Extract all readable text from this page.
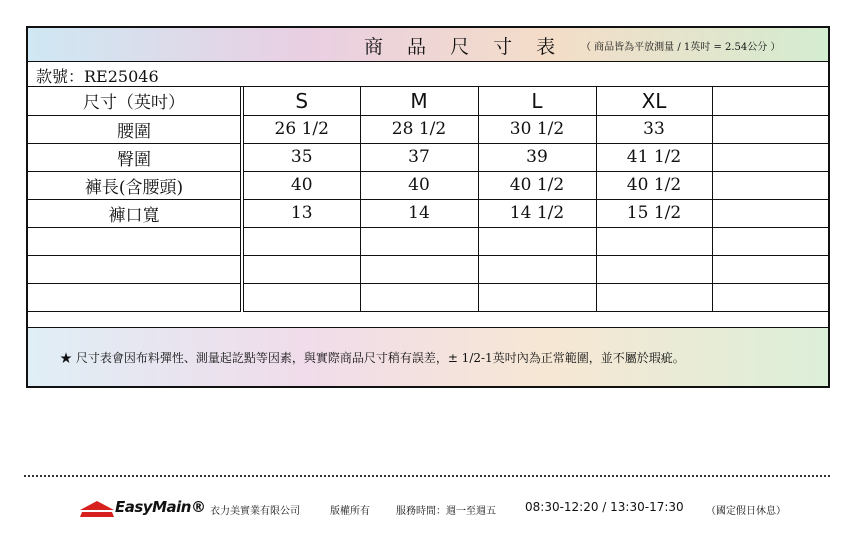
商 品 尺 寸 表 （ 商品皆為平放測量 / 1英吋 = 2.54公分 ）
款號：RE25046
尺寸（英吋）	S	M	L	XL	
腰圍	26 1/2	28 1/2	30 1/2	33	
臀圍	35	37	39	41 1/2	
褲長(含腰頭)	40	40	40 1/2	40 1/2	
褲口寬	13	14	14 1/2	15 1/2	

★ 尺寸表會因布料彈性、測量起訖點等因素，與實際商品尺寸稍有誤差，± 1/2-1英吋內為正常範圍，並不屬於瑕疵。
EasyMain® 衣力美實業有限公司	版權所有	服務時間：週一至週五 08:30-12:20 / 13:30-17:30 （國定假日休息）
